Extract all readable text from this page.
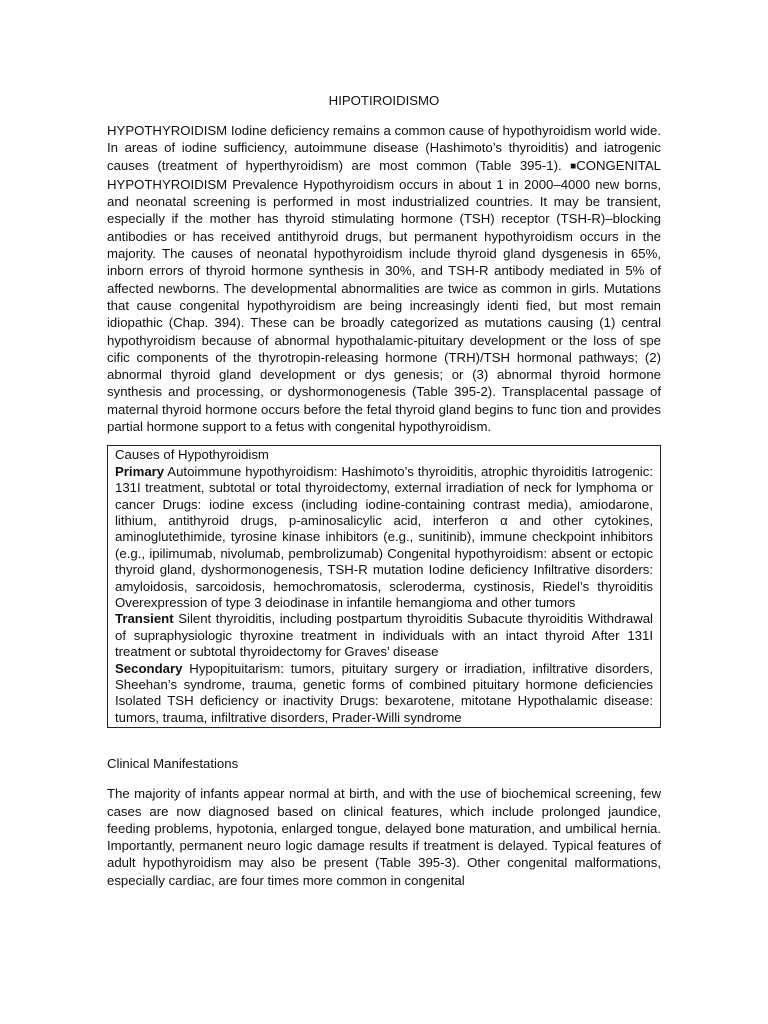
HIPOTIROIDISMO

HYPOTHYROIDISM Iodine deficiency remains a common cause of hypothyroidism world wide. In areas of iodine sufficiency, autoimmune disease (Hashimoto’s thyroiditis) and iatrogenic causes (treatment of hyperthyroidism) are most common (Table 395-1). ■CONGENITAL HYPOTHYROIDISM Prevalence Hypothyroidism occurs in about 1 in 2000–4000 new borns, and neonatal screening is performed in most industrialized countries. It may be transient, especially if the mother has thyroid stimulating hormone (TSH) receptor (TSH-R)–blocking antibodies or has received antithyroid drugs, but permanent hypothyroidism occurs in the majority. The causes of neonatal hypothyroidism include thyroid gland dysgenesis in 65%, inborn errors of thyroid hormone synthesis in 30%, and TSH-R antibody mediated in 5% of affected newborns. The developmental abnormalities are twice as common in girls. Mutations that cause congenital hypothyroidism are being increasingly identi fied, but most remain idiopathic (Chap. 394). These can be broadly categorized as mutations causing (1) central hypothyroidism because of abnormal hypothalamic-pituitary development or the loss of spe cific components of the thyrotropin-releasing hormone (TRH)/TSH hormonal pathways; (2) abnormal thyroid gland development or dys genesis; or (3) abnormal thyroid hormone synthesis and processing, or dyshormonogenesis (Table 395-2). Transplacental passage of maternal thyroid hormone occurs before the fetal thyroid gland begins to func tion and provides partial hormone support to a fetus with congenital hypothyroidism.

Causes of Hypothyroidism

Primary Autoimmune hypothyroidism: Hashimoto’s thyroiditis, atrophic thyroiditis Iatrogenic: 131I treatment, subtotal or total thyroidectomy, external irradiation of neck for lymphoma or cancer Drugs: iodine excess (including iodine-containing contrast media), amiodarone, lithium, antithyroid drugs, p-aminosalicylic acid, interferon α and other cytokines, aminoglutethimide, tyrosine kinase inhibitors (e.g., sunitinib), immune checkpoint inhibitors (e.g., ipilimumab, nivolumab, pembrolizumab) Congenital hypothyroidism: absent or ectopic thyroid gland, dyshormonogenesis, TSH-R mutation Iodine deficiency Infiltrative disorders: amyloidosis, sarcoidosis, hemochromatosis, scleroderma, cystinosis, Riedel’s thyroiditis Overexpression of type 3 deiodinase in infantile hemangioma and other tumors

Transient Silent thyroiditis, including postpartum thyroiditis Subacute thyroiditis Withdrawal of supraphysiologic thyroxine treatment in individuals with an intact thyroid After 131I treatment or subtotal thyroidectomy for Graves’ disease

Secondary Hypopituitarism: tumors, pituitary surgery or irradiation, infiltrative disorders, Sheehan’s syndrome, trauma, genetic forms of combined pituitary hormone deficiencies Isolated TSH deficiency or inactivity Drugs: bexarotene, mitotane Hypothalamic disease: tumors, trauma, infiltrative disorders, Prader-Willi syndrome

Clinical Manifestations

The majority of infants appear normal at birth, and with the use of biochemical screening, few cases are now diagnosed based on clinical features, which include prolonged jaundice, feeding problems, hypotonia, enlarged tongue, delayed bone maturation, and umbilical hernia. Importantly, permanent neuro logic damage results if treatment is delayed. Typical features of adult hypothyroidism may also be present (Table 395-3). Other congenital malformations, especially cardiac, are four times more common in congenital
